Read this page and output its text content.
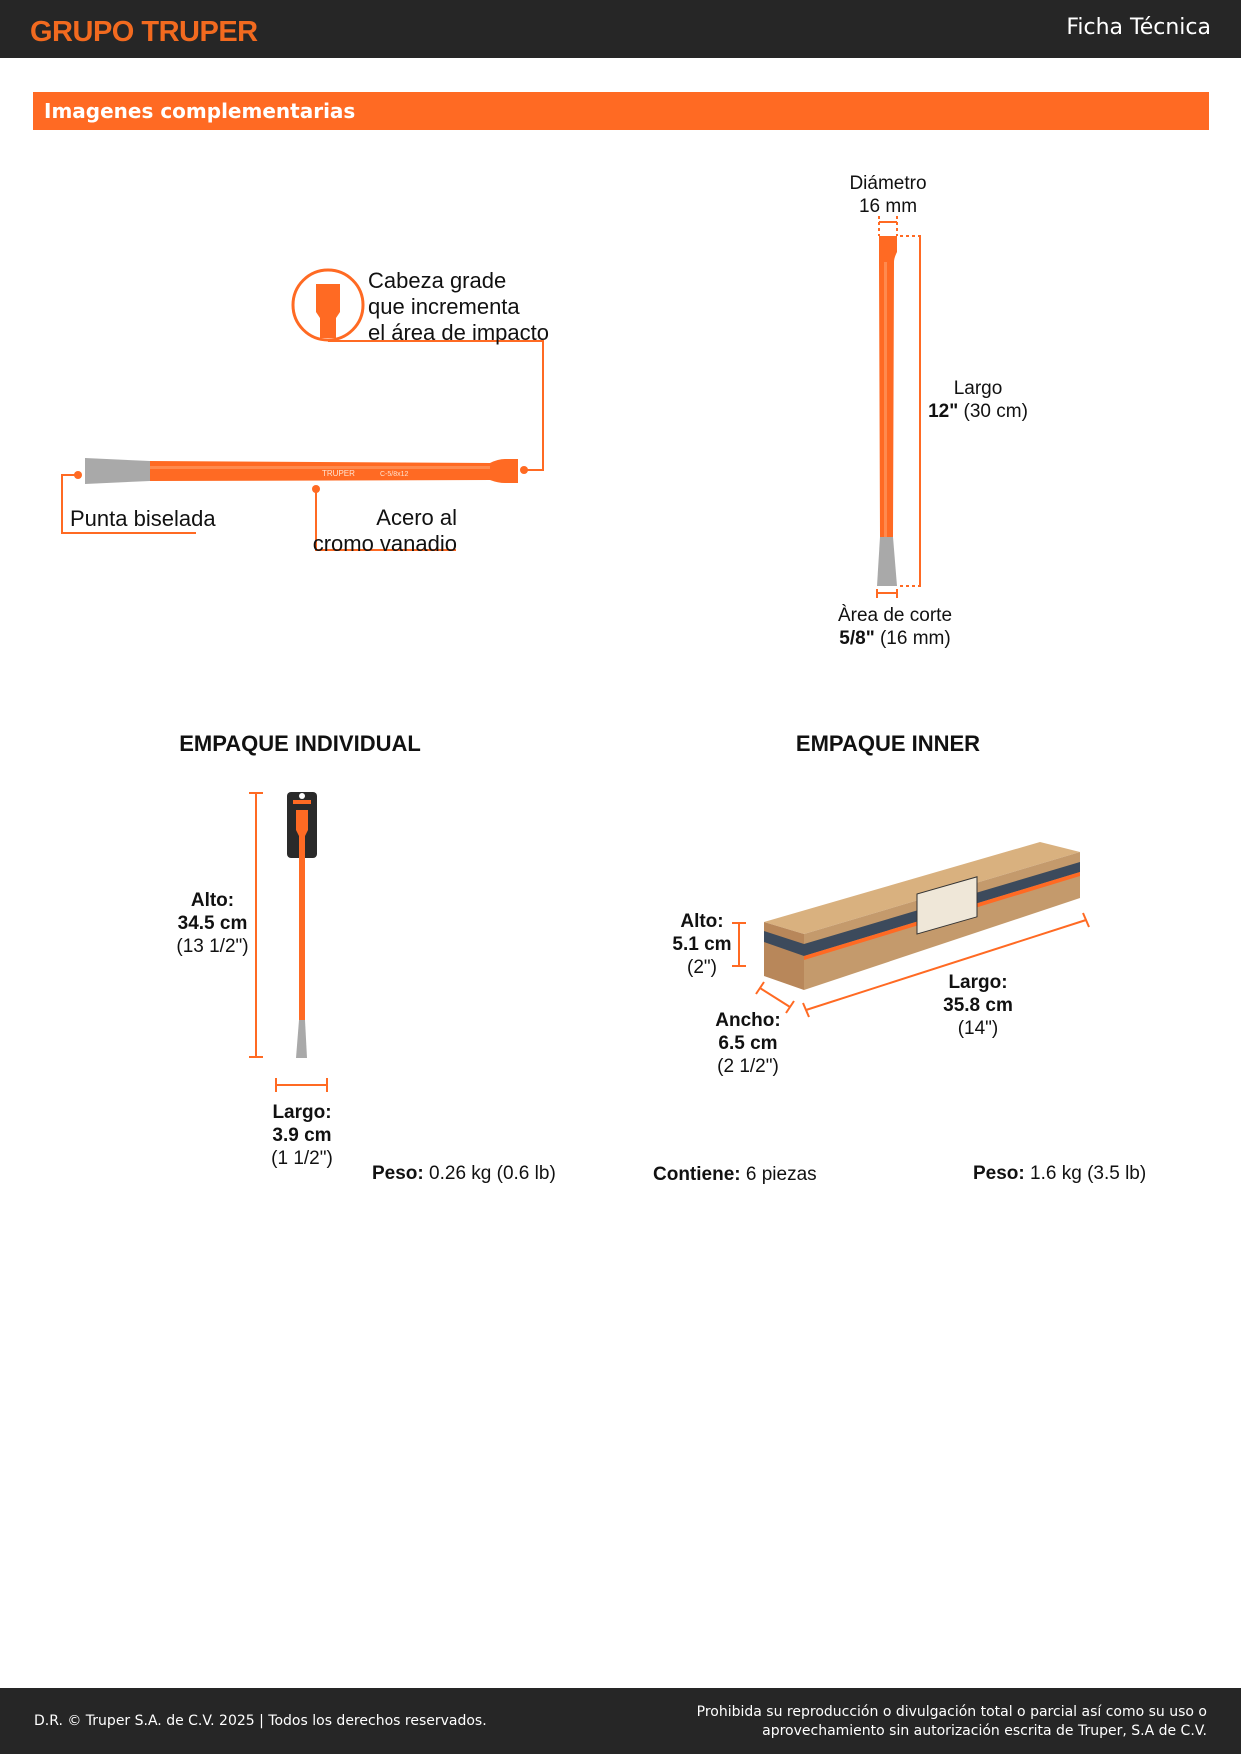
GRUPO TRUPER	Ficha Técnica
Imagenes complementarias
TRUPER	C-5/8x12
Cabeza grade
que incrementa
el área de impacto
Punta biselada	Acero al
cromo vanadio
Diámetro
16 mm
Largo
12" (30 cm)
Àrea de corte
5/8" (16 mm)
EMPAQUE INDIVIDUAL
Alto:
34.5 cm
(13 1/2")
Largo:
3.9 cm
(1 1/2")
Peso: 0.26 kg (0.6 lb)
EMPAQUE INNER
Alto:
5.1 cm
(2")
Ancho:
6.5 cm
(2 1/2")
Largo:
35.8 cm
(14")
Contiene: 6 piezas	Peso: 1.6 kg (3.5 lb)
D.R. © Truper S.A. de C.V. 2025 | Todos los derechos reservados.
Prohibida su reproducción o divulgación total o parcial así como su uso o
aprovechamiento sin autorización escrita de Truper, S.A de C.V.
